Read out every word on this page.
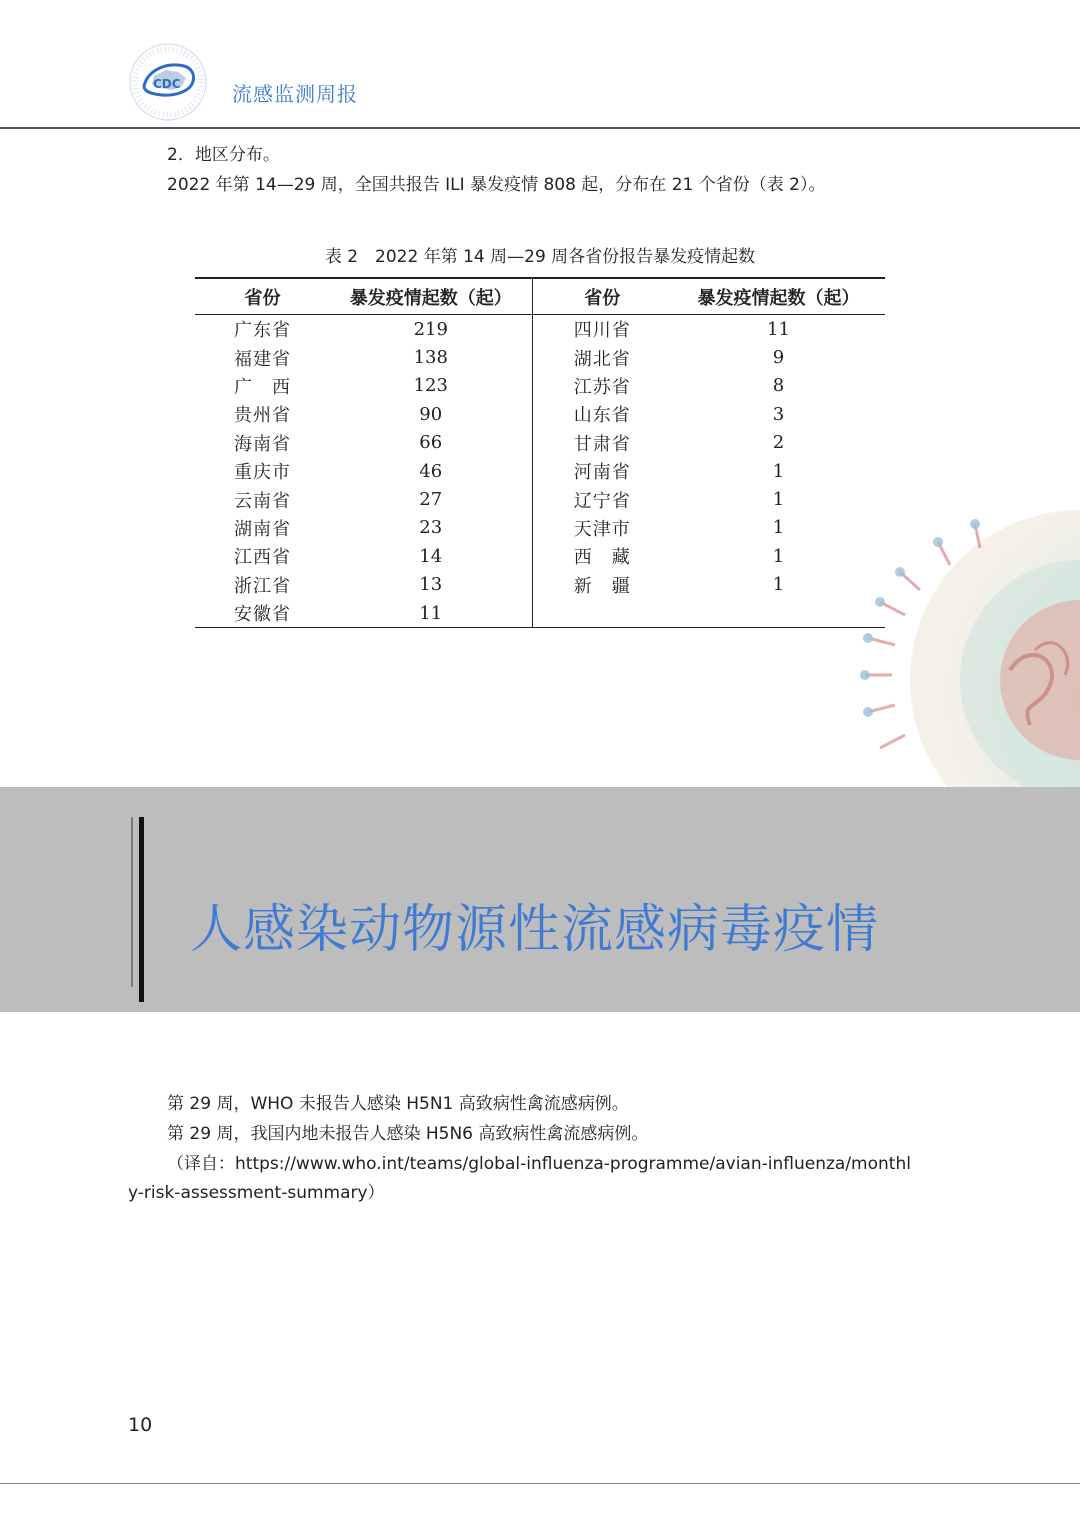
CDC	流感监测周报
2．地区分布。
2022 年第 14—29 周，全国共报告 ILI 暴发疫情 808 起，分布在 21 个省份（表 2）。
表 2　2022 年第 14 周—29 周各省份报告暴发疫情起数
省份	暴发疫情起数（起）	省份	暴发疫情起数（起）
广东省	219	四川省	11
福建省	138	湖北省	9
广　西	123	江苏省	8
贵州省	90	山东省	3
海南省	66	甘肃省	2
重庆市	46	河南省	1
云南省	27	辽宁省	1
湖南省	23	天津市	1
江西省	14	西　藏	1
浙江省	13	新　疆	1
安徽省	11		
人感染动物源性流感病毒疫情
第 29 周，WHO 未报告人感染 H5N1 高致病性禽流感病例。
第 29 周，我国内地未报告人感染 H5N6 高致病性禽流感病例。
（译自：https://www.who.int/teams/global-influenza-programme/avian-influenza/monthl
y-risk-assessment-summary）
10
